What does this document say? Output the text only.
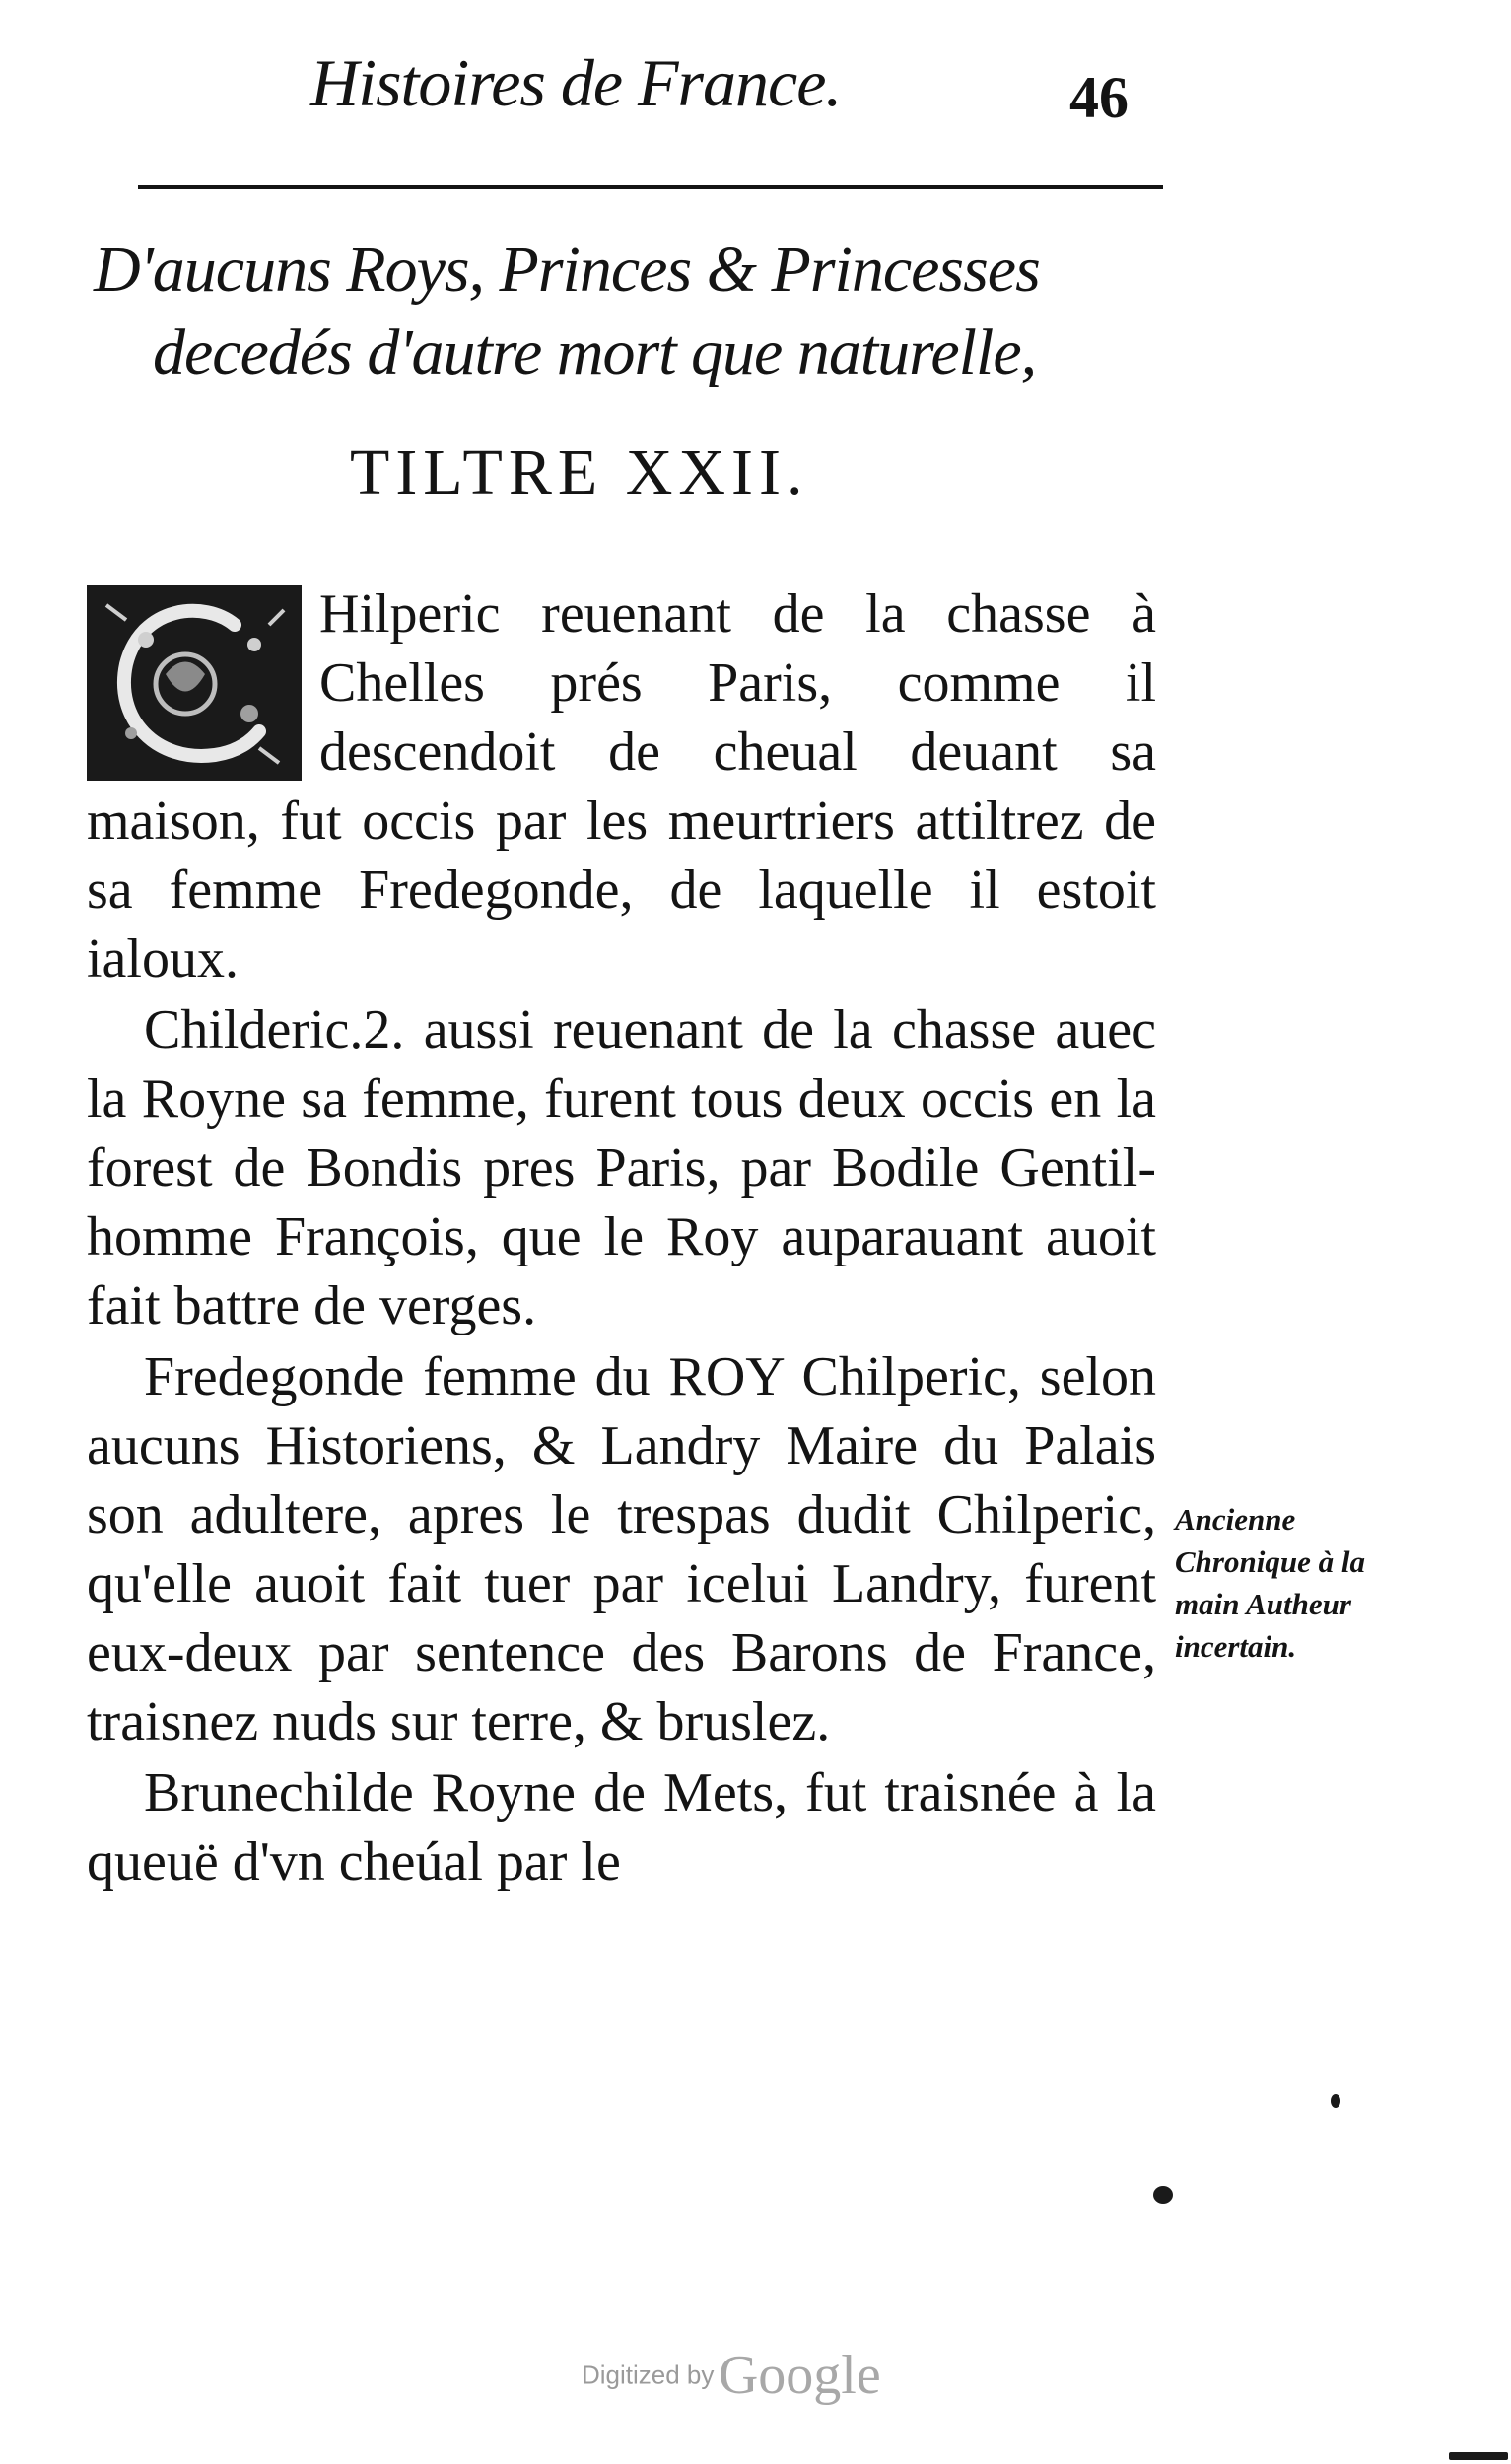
Histoires de France.	46
D'aucuns Roys, Princes & Princesses
decedés d'autre mort que naturelle,
TILTRE XXII.

Hilperic reuenant de la chasse à Chelles prés Paris, comme il descendoit de cheual deuant sa maison, fut occis par les meurtriers attiltrez de sa femme Fredegonde, de laquelle il estoit ialoux.

Childeric.2. aussi reuenant de la chasse auec la Royne sa femme, furent tous deux occis en la forest de Bondis pres Paris, par Bodile Gentil-homme François, que le Roy auparauant auoit fait battre de verges.

Fredegonde femme du ROY Chilperic, selon aucuns Historiens, & Landry Maire du Palais son adultere, apres le trespas dudit Chilperic, qu'elle auoit fait tuer par icelui Landry, furent eux-deux par sentence des Barons de France, traisnez nuds sur terre, & bruslez.

Brunechilde Royne de Mets, fut traisnée à la queuë d'vn cheúal par le

Ancienne Chronique à la main Autheur incertain.
Digitized by Google
